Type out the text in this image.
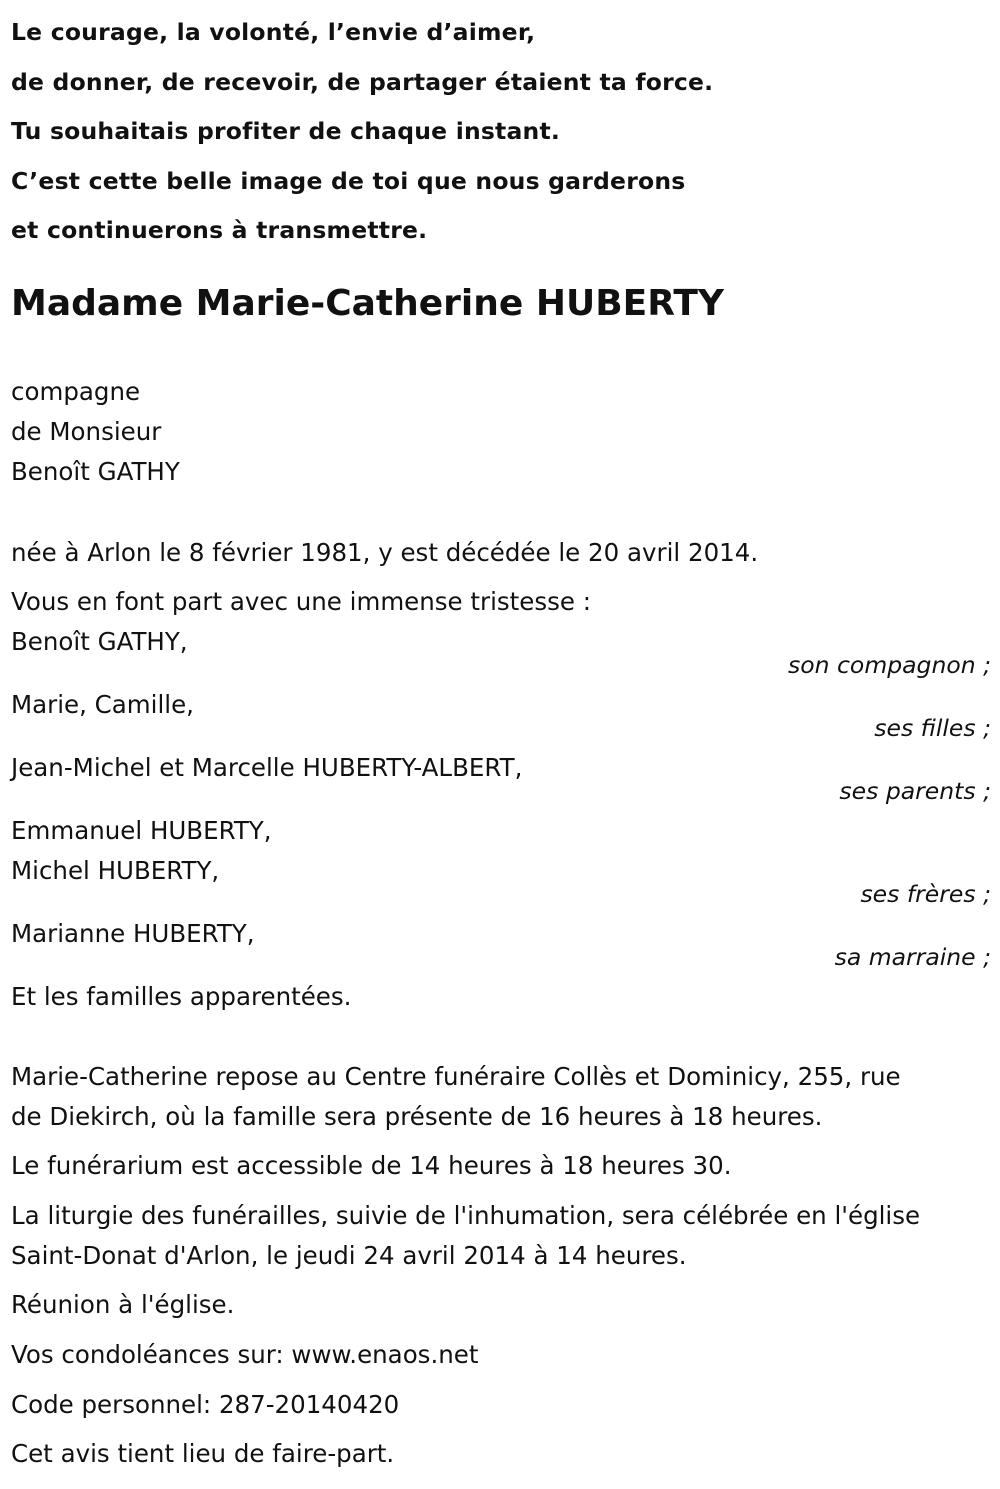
Le courage, la volonté, l’envie d’aimer,
de donner, de recevoir, de partager étaient ta force.
Tu souhaitais profiter de chaque instant.
C’est cette belle image de toi que nous garderons
et continuerons à transmettre.
Madame Marie-Catherine HUBERTY
compagne
de Monsieur
Benoît GATHY
née à Arlon le 8 février 1981, y est décédée le 20 avril 2014.
Vous en font part avec une immense tristesse :
Benoît GATHY,
son compagnon ;
Marie, Camille,
ses filles ;
Jean-Michel et Marcelle HUBERTY-ALBERT,
ses parents ;
Emmanuel HUBERTY,
Michel HUBERTY,
ses frères ;
Marianne HUBERTY,
sa marraine ;
Et les familles apparentées.
Marie-Catherine repose au Centre funéraire Collès et Dominicy, 255, rue
de Diekirch, où la famille sera présente de 16 heures à 18 heures.
Le funérarium est accessible de 14 heures à 18 heures 30.
La liturgie des funérailles, suivie de l'inhumation, sera célébrée en l'église
Saint-Donat d'Arlon, le jeudi 24 avril 2014 à 14 heures.
Réunion à l'église.
Vos condoléances sur: www.enaos.net
Code personnel: 287-20140420
Cet avis tient lieu de faire-part.
